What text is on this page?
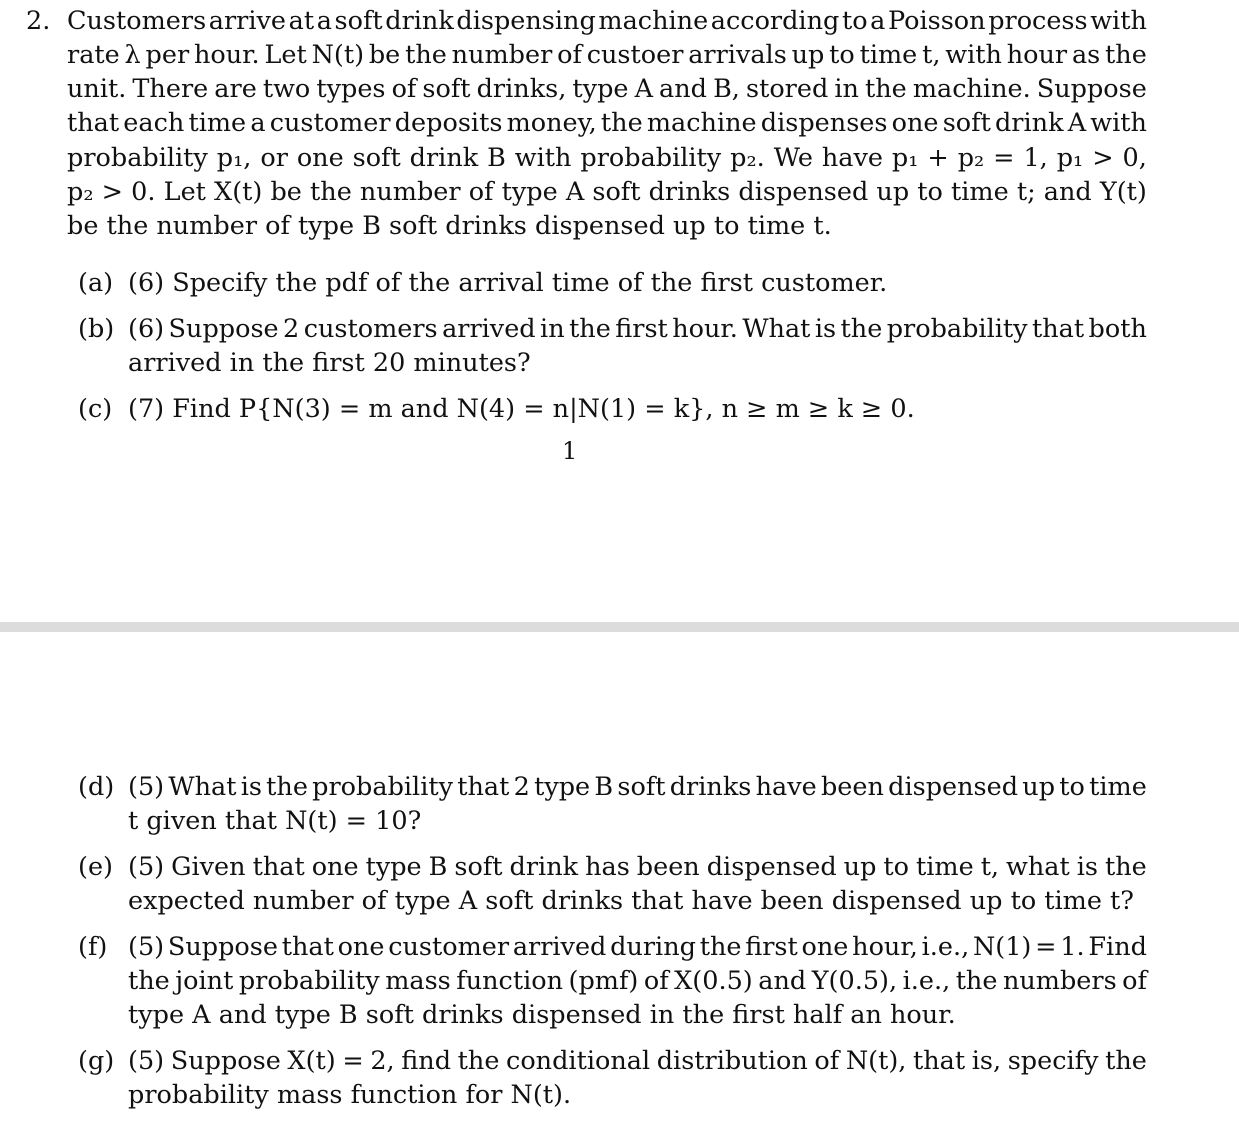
2. Customers arrive at a soft drink dispensing machine according to a Poisson process with
rate λ per hour. Let N(t) be the number of custoer arrivals up to time t, with hour as the
unit. There are two types of soft drinks, type A and B, stored in the machine. Suppose
that each time a customer deposits money, the machine dispenses one soft drink A with
probability p₁, or one soft drink B with probability p₂. We have p₁ + p₂ = 1, p₁ > 0,
p₂ > 0. Let X(t) be the number of type A soft drinks dispensed up to time t; and Y(t)
be the number of type B soft drinks dispensed up to time t.
(a) (6) Specify the pdf of the arrival time of the first customer.
(b) (6) Suppose 2 customers arrived in the first hour. What is the probability that both
arrived in the first 20 minutes?
(c) (7) Find P{N(3) = m and N(4) = n|N(1) = k}, n ≥ m ≥ k ≥ 0.
1
(d) (5) What is the probability that 2 type B soft drinks have been dispensed up to time
t given that N(t) = 10?
(e) (5) Given that one type B soft drink has been dispensed up to time t, what is the
expected number of type A soft drinks that have been dispensed up to time t?
(f) (5) Suppose that one customer arrived during the first one hour, i.e., N(1) = 1. Find
the joint probability mass function (pmf) of X(0.5) and Y(0.5), i.e., the numbers of
type A and type B soft drinks dispensed in the first half an hour.
(g) (5) Suppose X(t) = 2, find the conditional distribution of N(t), that is, specify the
probability mass function for N(t).
